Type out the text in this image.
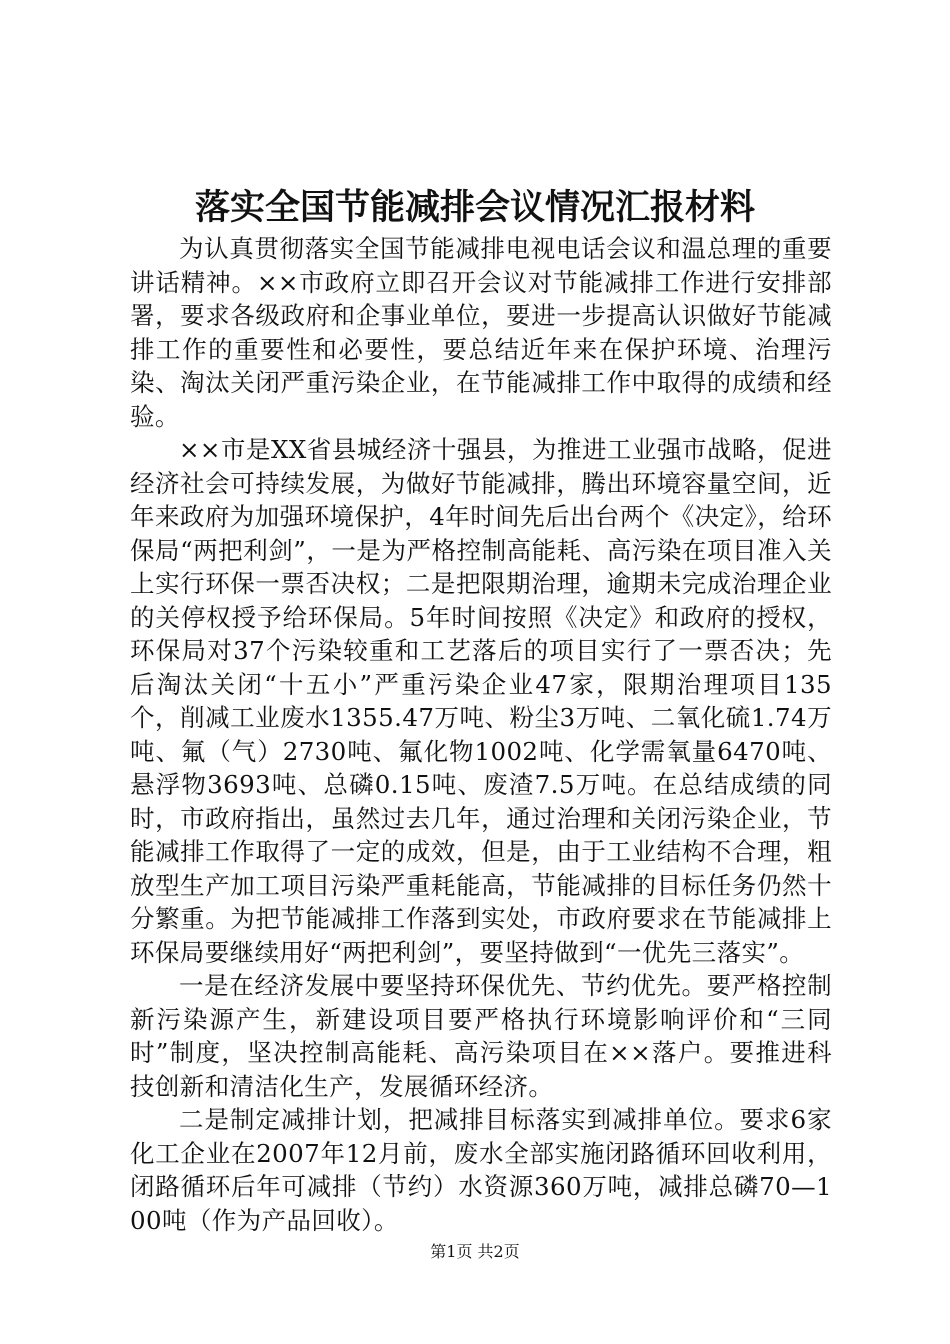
落实全国节能减排会议情况汇报材料

为认真贯彻落实全国节能减排电视电话会议和温总理的重要讲话精神。××市政府立即召开会议对节能减排工作进行安排部署，要求各级政府和企事业单位，要进一步提高认识做好节能减排工作的重要性和必要性，要总结近年来在保护环境、治理污染、淘汰关闭严重污染企业，在节能减排工作中取得的成绩和经验。

××市是XX省县城经济十强县，为推进工业强市战略，促进经济社会可持续发展，为做好节能减排，腾出环境容量空间，近年来政府为加强环境保护，4年时间先后出台两个《决定》，给环保局“两把利剑”，一是为严格控制高能耗、高污染在项目准入关上实行环保一票否决权；二是把限期治理，逾期未完成治理企业的关停权授予给环保局。5年时间按照《决定》和政府的授权，环保局对37个污染较重和工艺落后的项目实行了一票否决；先后淘汰关闭“十五小”严重污染企业47家，限期治理项目135个，削减工业废水1355.47万吨、粉尘3万吨、二氧化硫1.74万吨、氟（气）2730吨、氟化物1002吨、化学需氧量6470吨、悬浮物3693吨、总磷0.15吨、废渣7.5万吨。在总结成绩的同时，市政府指出，虽然过去几年，通过治理和关闭污染企业，节能减排工作取得了一定的成效，但是，由于工业结构不合理，粗放型生产加工项目污染严重耗能高，节能减排的目标任务仍然十分繁重。为把节能减排工作落到实处，市政府要求在节能减排上环保局要继续用好“两把利剑”，要坚持做到“一优先三落实”。

一是在经济发展中要坚持环保优先、节约优先。要严格控制新污染源产生，新建设项目要严格执行环境影响评价和“三同时”制度，坚决控制高能耗、高污染项目在××落户。要推进科技创新和清洁化生产，发展循环经济。

二是制定减排计划，把减排目标落实到减排单位。要求6家化工企业在2007年12月前，废水全部实施闭路循环回收利用，闭路循环后年可减排（节约）水资源360万吨，减排总磷70—100吨（作为产品回收）。

第1页 共2页
